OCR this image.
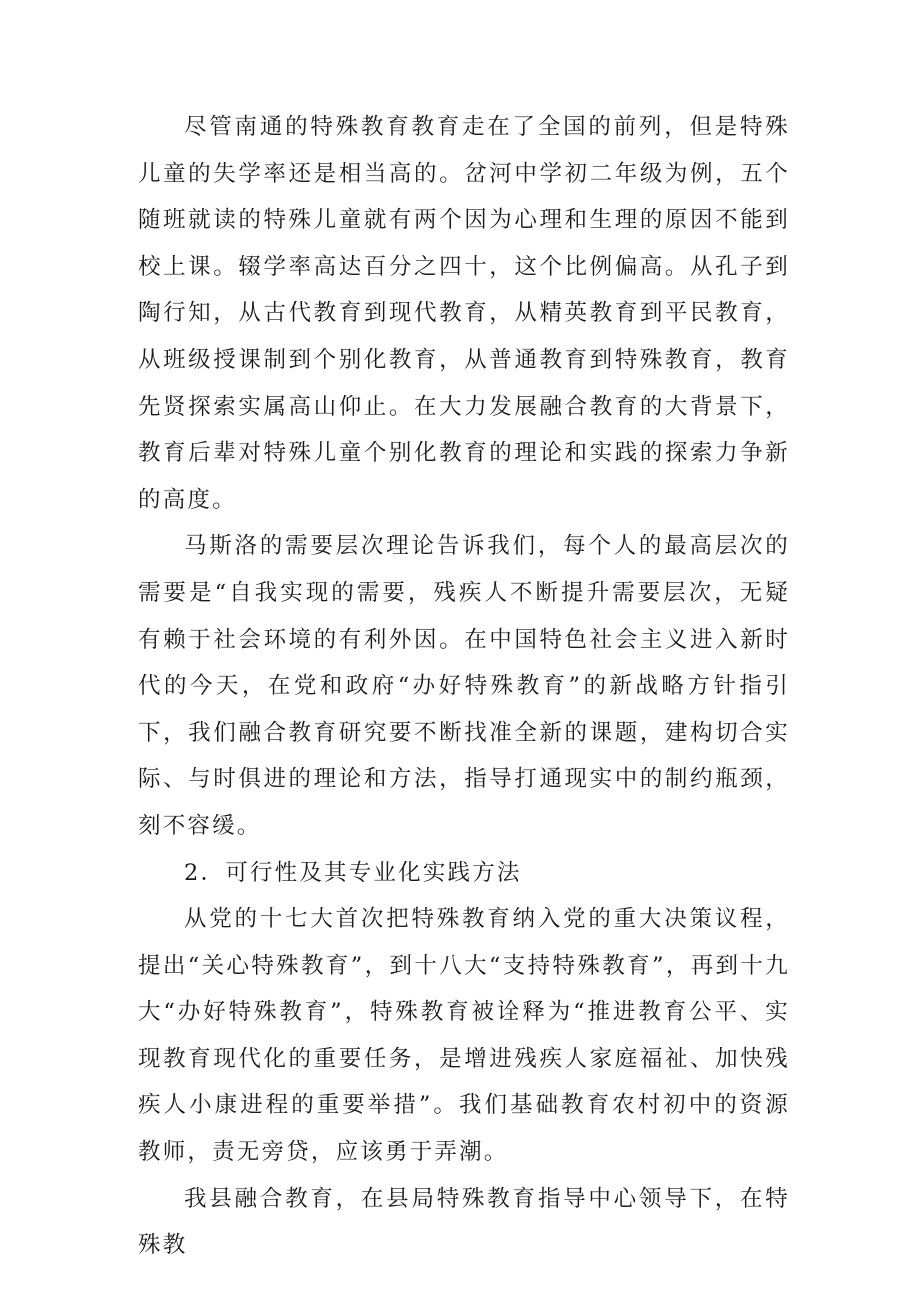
尽管南通的特殊教育教育走在了全国的前列，但是特殊儿童的失学率还是相当高的。岔河中学初二年级为例，五个随班就读的特殊儿童就有两个因为心理和生理的原因不能到校上课。辍学率高达百分之四十，这个比例偏高。从孔子到陶行知，从古代教育到现代教育，从精英教育到平民教育，从班级授课制到个别化教育，从普通教育到特殊教育，教育先贤探索实属高山仰止。在大力发展融合教育的大背景下，教育后辈对特殊儿童个别化教育的理论和实践的探索力争新的高度。

马斯洛的需要层次理论告诉我们，每个人的最高层次的需要是“自我实现的需要，残疾人不断提升需要层次，无疑有赖于社会环境的有利外因。在中国特色社会主义进入新时代的今天，在党和政府“办好特殊教育”的新战略方针指引下，我们融合教育研究要不断找准全新的课题，建构切合实际、与时俱进的理论和方法，指导打通现实中的制约瓶颈，刻不容缓。

2．可行性及其专业化实践方法

从党的十七大首次把特殊教育纳入党的重大决策议程，提出“关心特殊教育”，到十八大“支持特殊教育”，再到十九大“办好特殊教育”，特殊教育被诠释为“推进教育公平、实现教育现代化的重要任务，是增进残疾人家庭福祉、加快残疾人小康进程的重要举措”。我们基础教育农村初中的资源教师，责无旁贷，应该勇于弄潮。

我县融合教育，在县局特殊教育指导中心领导下，在特殊教
